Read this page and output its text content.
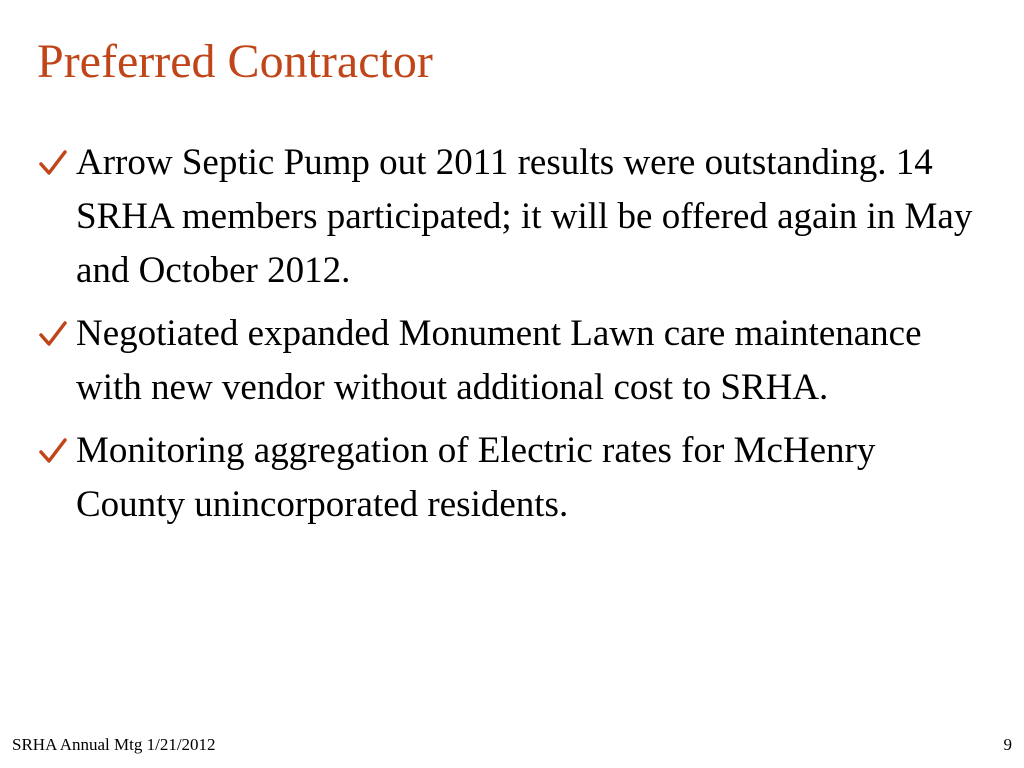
Preferred Contractor
Arrow Septic Pump out 2011 results were outstanding. 14 SRHA members participated; it will be offered again in May and October 2012.
Negotiated expanded Monument Lawn care maintenance with new vendor without additional cost to SRHA.
Monitoring aggregation of Electric rates for McHenry County unincorporated residents.
SRHA Annual Mtg 1/21/2012	9
